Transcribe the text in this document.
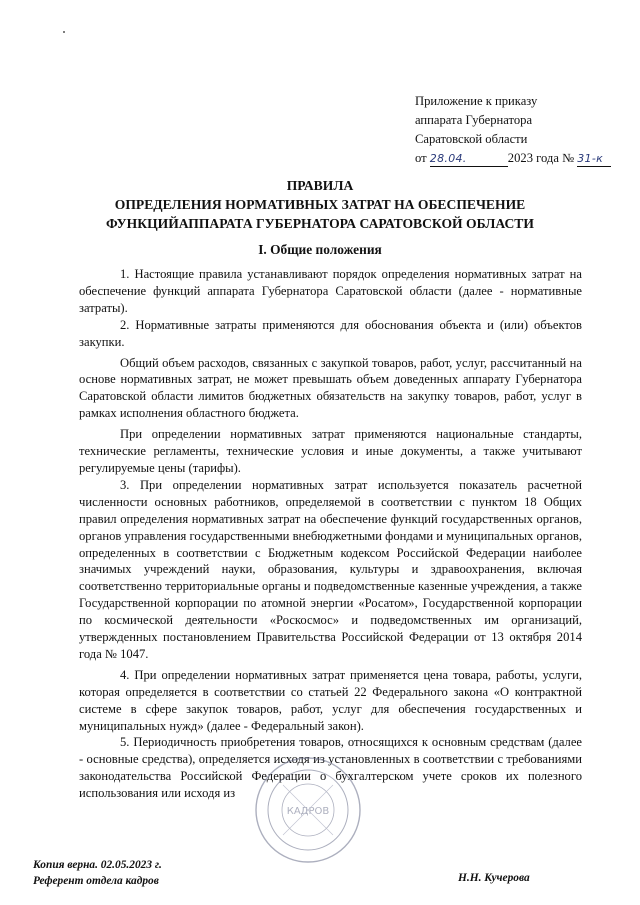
Приложение к приказу
аппарата Губернатора
Саратовской области
от 28.04.	2023 года № 31-к
ПРАВИЛА
ОПРЕДЕЛЕНИЯ НОРМАТИВНЫХ ЗАТРАТ НА ОБЕСПЕЧЕНИЕ
ФУНКЦИЙАППАРАТА ГУБЕРНАТОРА САРАТОВСКОЙ ОБЛАСТИ
I. Общие положения

1. Настоящие правила устанавливают порядок определения нормативных затрат на обеспечение функций аппарата Губернатора Саратовской области (далее - нормативные затраты).

2. Нормативные затраты применяются для обоснования объекта и (или) объектов закупки.

Общий объем расходов, связанных с закупкой товаров, работ, услуг, рассчитанный на основе нормативных затрат, не может превышать объем доведенных аппарату Губернатора Саратовской области лимитов бюджетных обязательств на закупку товаров, работ, услуг в рамках исполнения областного бюджета.

При определении нормативных затрат применяются национальные стандарты, технические регламенты, технические условия и иные документы, а также учитывают регулируемые цены (тарифы).

3. При определении нормативных затрат используется показатель расчетной численности основных работников, определяемой в соответствии с пунктом 18 Общих правил определения нормативных затрат на обеспечение функций государственных органов, органов управления государственными внебюджетными фондами и муниципальных органов, определенных в соответствии с Бюджетным кодексом Российской Федерации наиболее значимых учреждений науки, образования, культуры и здравоохранения, включая соответственно территориальные органы и подведомственные казенные учреждения, а также Государственной корпорации по атомной энергии «Росатом», Государственной корпорации по космической деятельности «Роскосмос» и подведомственных им организаций, утвержденных постановлением Правительства Российской Федерации от 13 октября 2014 года № 1047.

4. При определении нормативных затрат применяется цена товара, работы, услуги, которая определяется в соответствии со статьей 22 Федерального закона «О контрактной системе в сфере закупок товаров, работ, услуг для обеспечения государственных и муниципальных нужд» (далее - Федеральный закон).

5. Периодичность приобретения товаров, относящихся к основным средствам (далее - основные средства), определяется исходя из установленных в соответствии с требованиями законодательства Российской Федерации о бухгалтерском учете сроков их полезного использования или исходя из

КАДРОВ
Копия верна. 02.05.2023 г.
Референт отдела кадров	Н.Н. Кучерова
